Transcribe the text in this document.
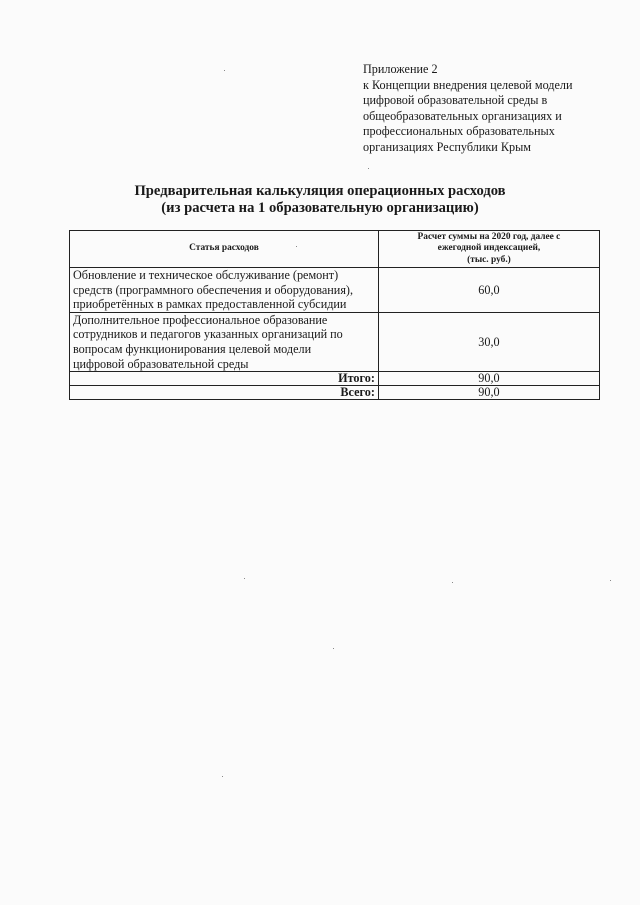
Приложение 2
к Концепции внедрения целевой модели
цифровой образовательной среды в
общеобразовательных организациях и
профессиональных образовательных
организациях Республики Крым
Предварительная калькуляция операционных расходов
(из расчета на 1 образовательную организацию)
Статья расходов	Расчет суммы на 2020 год, далее с
ежегодной индексацией,
(тыс. руб.)

Обновление и техническое обслуживание (ремонт)
средств (программного обеспечения и оборудования),
приобретённых в рамках предоставленной субсидии	60,0

Дополнительное профессиональное образование
сотрудников и педагогов указанных организаций по
вопросам функционирования целевой модели
цифровой образовательной среды	30,0
Итого:	90,0
Всего:	90,0
